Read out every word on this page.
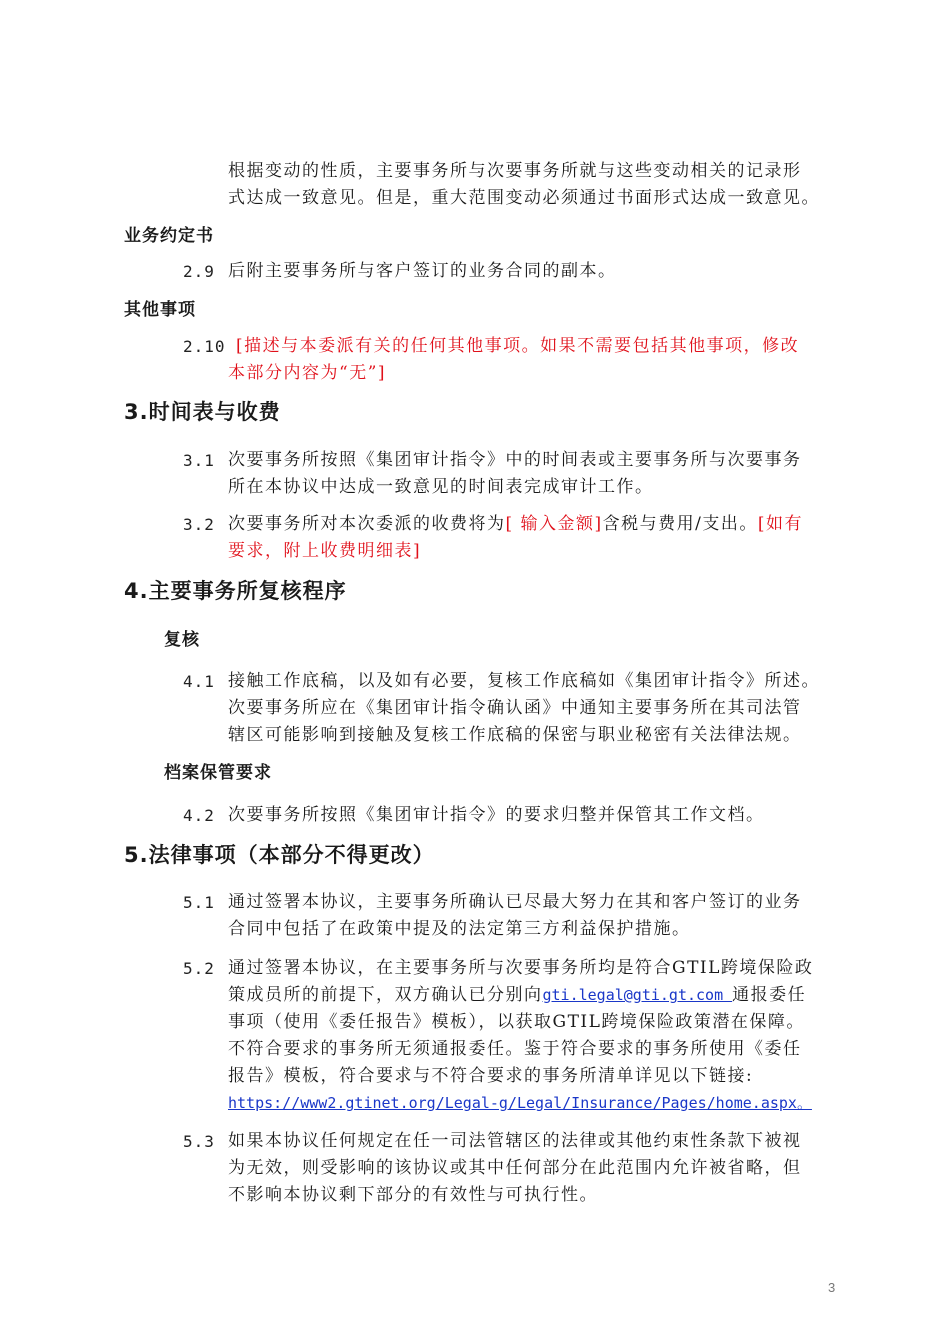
根据变动的性质，主要事务所与次要事务所就与这些变动相关的记录形

式达成一致意见。但是，重大范围变动必须通过书面形式达成一致意见。

业务约定书
2.9 后附主要事务所与客户签订的业务合同的副本。

其他事项
2.10 [描述与本委派有关的任何其他事项。如果不需要包括其他事项，修改

本部分内容为“无”]

3.时间表与收费
3.1 次要事务所按照《集团审计指令》中的时间表或主要事务所与次要事务

所在本协议中达成一致意见的时间表完成审计工作。

3.2 次要事务所对本次委派的收费将为[ 输入金额]含税与费用/支出。[如有

要求，附上收费明细表]

4.主要事务所复核程序
复核
4.1 接触工作底稿，以及如有必要，复核工作底稿如《集团审计指令》所述。

次要事务所应在《集团审计指令确认函》中通知主要事务所在其司法管

辖区可能影响到接触及复核工作底稿的保密与职业秘密有关法律法规。

档案保管要求
4.2 次要事务所按照《集团审计指令》的要求归整并保管其工作文档。

5.法律事项（本部分不得更改）
5.1 通过签署本协议，主要事务所确认已尽最大努力在其和客户签订的业务

合同中包括了在政策中提及的法定第三方利益保护措施。

5.2 通过签署本协议，在主要事务所与次要事务所均是符合GTIL跨境保险政

策成员所的前提下，双方确认已分别向gti.legal@gti.gt.com 通报委任

事项（使用《委任报告》模板），以获取GTIL跨境保险政策潜在保障。

不符合要求的事务所无须通报委任。鉴于符合要求的事务所使用《委任

报告》模板，符合要求与不符合要求的事务所清单详见以下链接:

https://www2.gtinet.org/Legal-g/Legal/Insurance/Pages/home.aspx。

5.3 如果本协议任何规定在任一司法管辖区的法律或其他约束性条款下被视

为无效，则受影响的该协议或其中任何部分在此范围内允许被省略，但

不影响本协议剩下部分的有效性与可执行性。

3
